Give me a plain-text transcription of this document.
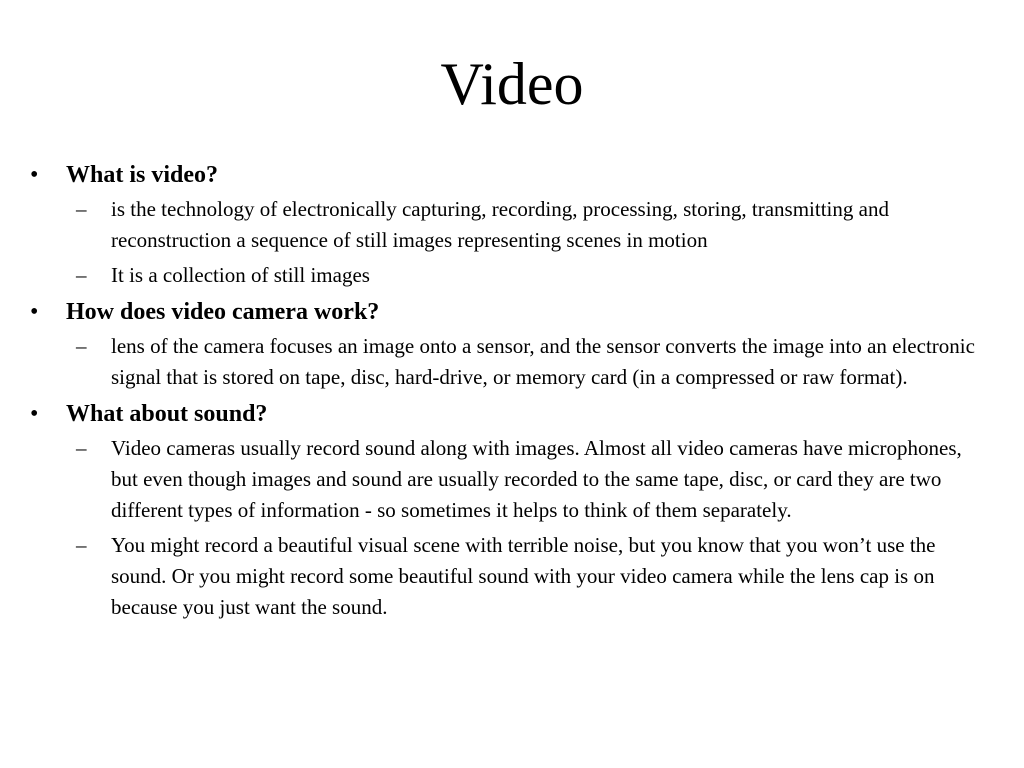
Video
• What is video?
– is the technology of electronically capturing, recording, processing, storing, transmitting and reconstruction a sequence of still images representing scenes in motion
– It is a collection of still images
• How does video camera work?
– lens of the camera focuses an image onto a sensor, and the sensor converts the image into an electronic signal that is stored on tape, disc, hard-drive, or memory card (in a compressed or raw format).
• What about sound?
– Video cameras usually record sound along with images. Almost all video cameras have microphones, but even though images and sound are usually recorded to the same tape, disc, or card they are two different types of information - so sometimes it helps to think of them separately.
– You might record a beautiful visual scene with terrible noise, but you know that you won’t use the sound. Or you might record some beautiful sound with your video camera while the lens cap is on because you just want the sound.
